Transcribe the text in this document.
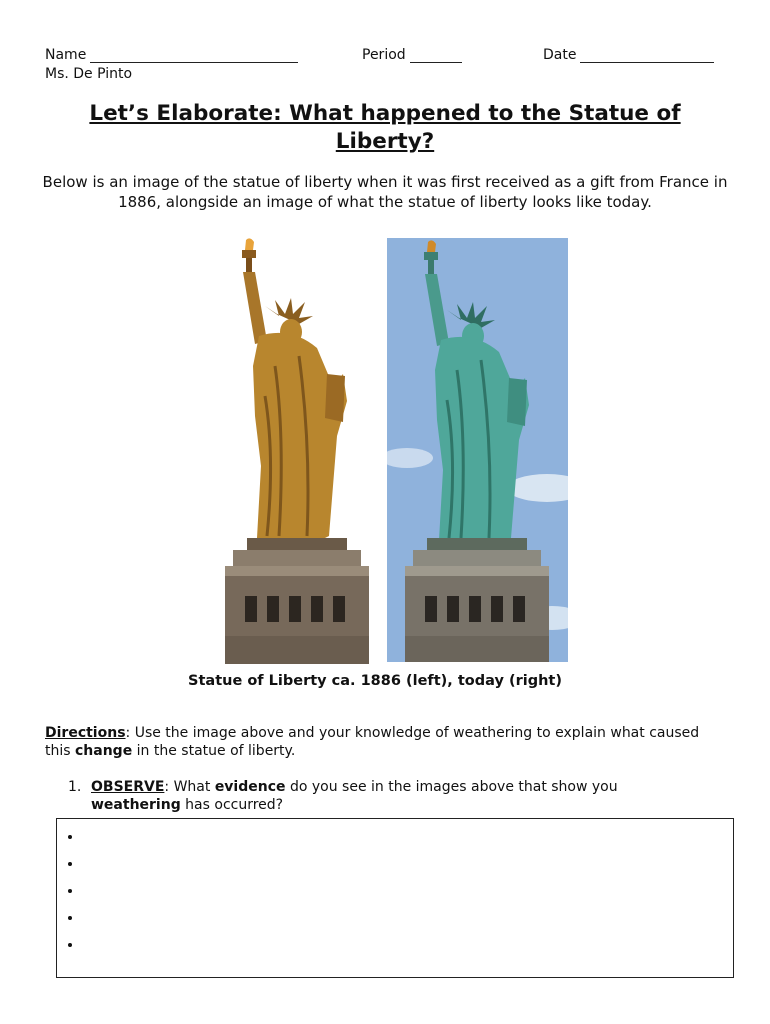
Name	Period	Date
Ms. De Pinto
Let’s Elaborate: What happened to the Statue of Liberty?
Below is an image of the statue of liberty when it was first received as a gift from France in 1886, alongside an image of what the statue of liberty looks like today.
Statue of Liberty ca. 1886 (left), today (right)
Directions: Use the image above and your knowledge of weathering to explain what caused this change in the statue of liberty.
1. OBSERVE: What evidence do you see in the images above that show you weathering has occurred?
